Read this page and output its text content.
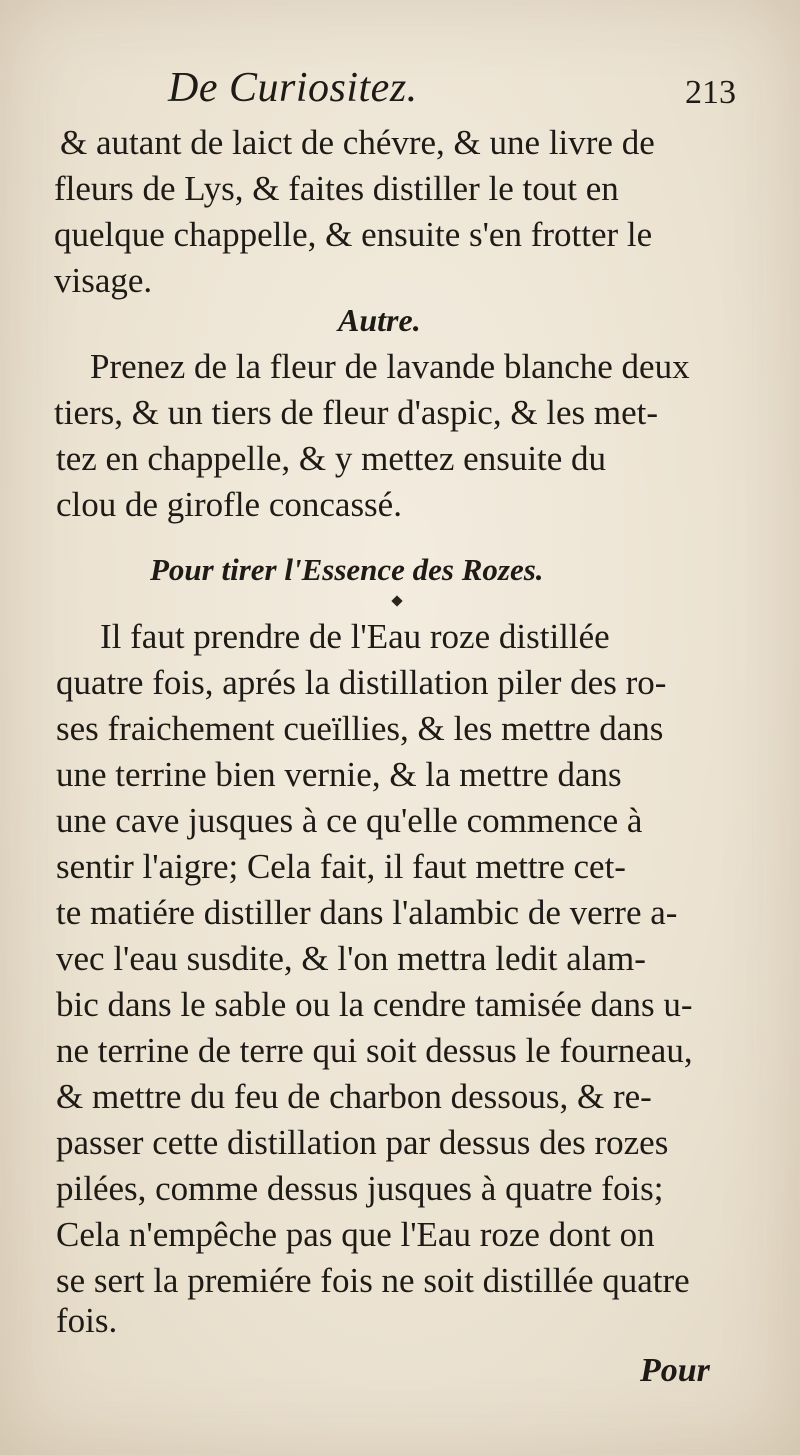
De Curiositez.	213
& autant de laict de chévre, & une livre de
fleurs de Lys, & faites distiller le tout en
quelque chappelle, & ensuite s'en frotter le
visage.
Autre.
Prenez de la fleur de lavande blanche deux
tiers, & un tiers de fleur d'aspic, & les met-
tez en chappelle, & y mettez ensuite du
clou de girofle concassé.
Pour tirer l'Essence des Rozes.
Il faut prendre de l'Eau roze distillée
quatre fois, aprés la distillation piler des ro-
ses fraichement cueïllies, & les mettre dans
une terrine bien vernie, & la mettre dans
une cave jusques à ce qu'elle commence à
sentir l'aigre; Cela fait, il faut mettre cet-
te matiére distiller dans l'alambic de verre a-
vec l'eau susdite, & l'on mettra ledit alam-
bic dans le sable ou la cendre tamisée dans u-
ne terrine de terre qui soit dessus le fourneau,
& mettre du feu de charbon dessous, & re-
passer cette distillation par dessus des rozes
pilées, comme dessus jusques à quatre fois;
Cela n'empêche pas que l'Eau roze dont on
se sert la premiére fois ne soit distillée quatre
fois.
Pour
